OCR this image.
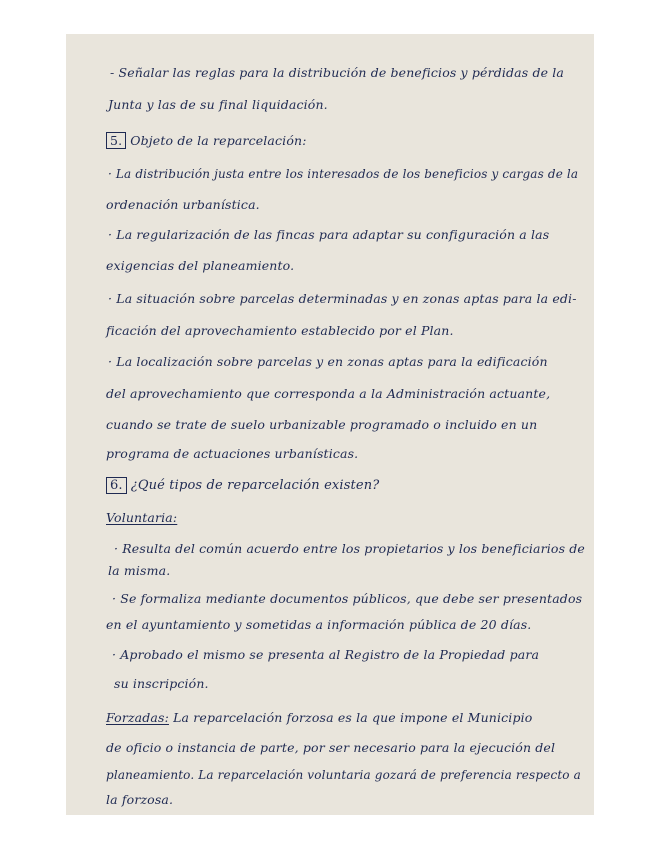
- Señalar las reglas para la distribución de beneficios y pérdidas de la
Junta y las de su final liquidación.
5. Objeto de la reparcelación:
· La distribución justa entre los interesados de los beneficios y cargas de la
ordenación urbanística.
· La regularización de las fincas para adaptar su configuración a las
exigencias del planeamiento.
· La situación sobre parcelas determinadas y en zonas aptas para la edi-
ficación del aprovechamiento establecido por el Plan.
· La localización sobre parcelas y en zonas aptas para la edificación
del aprovechamiento que corresponda a la Administración actuante,
cuando se trate de suelo urbanizable programado o incluido en un
programa de actuaciones urbanísticas.
6. ¿Qué tipos de reparcelación existen?
Voluntaria:
· Resulta del común acuerdo entre los propietarios y los beneficiarios de
la misma.
· Se formaliza mediante documentos públicos, que debe ser presentados
en el ayuntamiento y sometidas a información pública de 20 días.
· Aprobado el mismo se presenta al Registro de la Propiedad para
su inscripción.
Forzadas: La reparcelación forzosa es la que impone el Municipio
de oficio o instancia de parte, por ser necesario para la ejecución del
planeamiento. La reparcelación voluntaria gozará de preferencia respecto a
la forzosa.
